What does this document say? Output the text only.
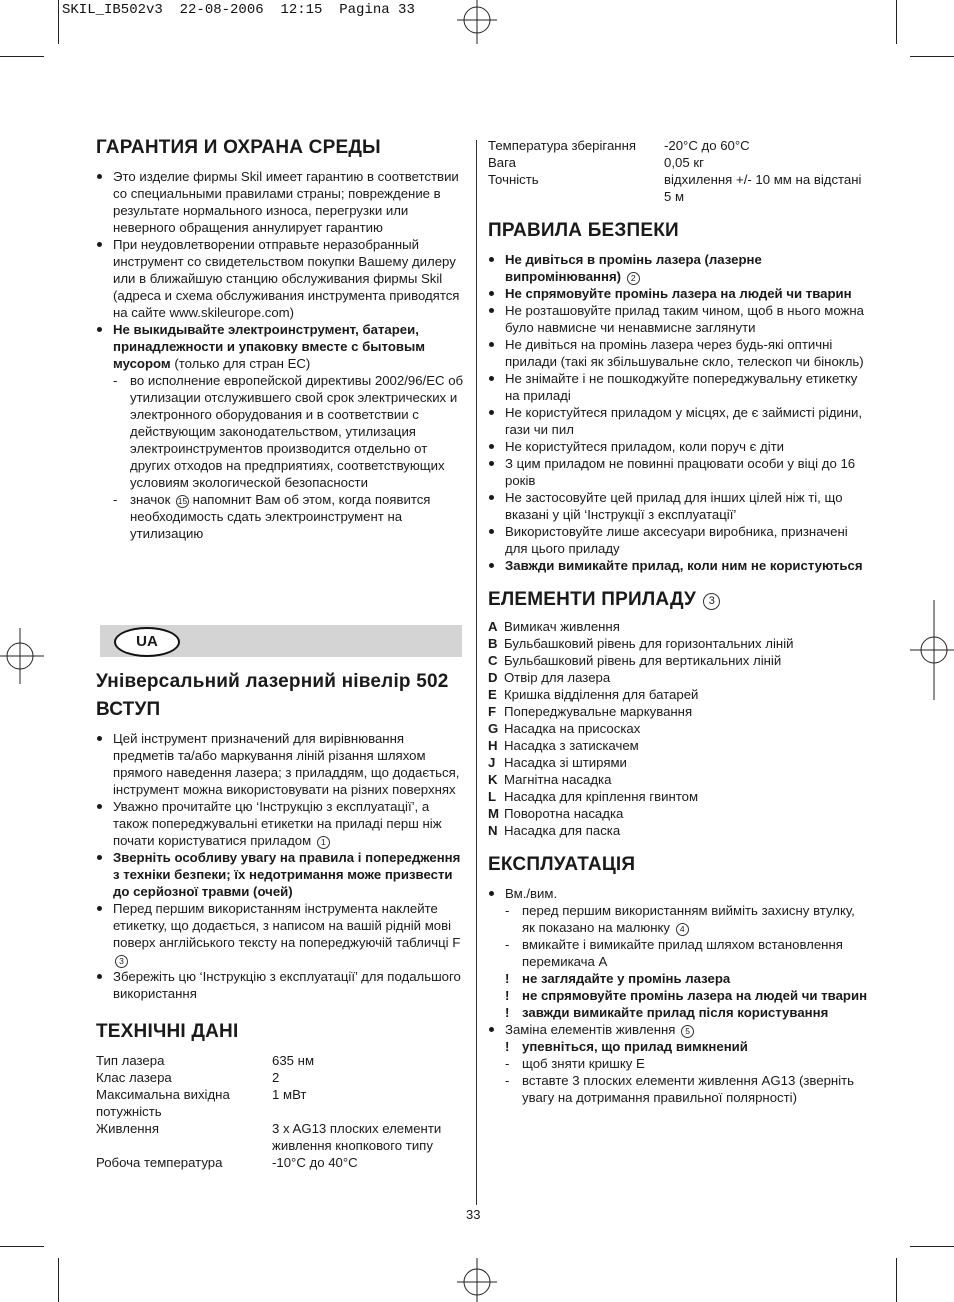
SKIL_IB502v3  22-08-2006  12:15  Pagina 33
ГАРАНТИЯ И ОХРАНА СРЕДЫ
Это изделие фирмы Skil имеет гарантию в соответствии со специальными правилами страны; повреждение в результате нормального износа, перегрузки или неверного обращения аннулирует гарантию
При неудовлетворении отправьте неразобранный инструмент со свидетельством покупки Вашему дилеру или в ближайшую станцию обслуживания фирмы Skil (адреса и схема обслуживания инструмента приводятся на сайте www.skileurope.com)
Не выкидывайте электроинструмент, батареи, принадлежности и упаковку вместе с бытовым мусором (только для стран ЕС)
- во исполнение европейской директивы 2002/96/ЕС об утилизации отслужившего свой срок электрических и электронного оборудования и в соответствии с действующим законодательством, утилизация электроинструментов производится отдельно от других отходов на предприятиях, соответствующих условиям экологической безопасности
- значок 15 напомнит Вам об этом, когда появится необходимость сдать электроинструмент на утилизацию
UA
Універсальний лазерний нівелір 502
ВСТУП
Цей інструмент призначений для вирівнювання предметів та/або маркування ліній різання шляхом прямого наведення лазера; з приладдям, що додається, інструмент можна використовувати на різних поверхнях
Уважно прочитайте цю ‘Інструкцію з експлуатації’, а також попереджувальні етикетки на приладі перш ніж почати користуватися приладом 1
Зверніть особливу увагу на правила і попередження з техніки безпеки; їх недотримання може призвести до серйозної травми (очей)
Перед першим використанням інструмента наклейте етикетку, що додається, з написом на вашій рідній мові поверх англійського тексту на попереджуючій табличці F 3
Збережіть цю ‘Інструкцію з експлуатації’ для подальшого використання
ТЕХНІЧНІ ДАНІ
Тип лазера	635 нм
Клас лазера	2
Максимальна вихідна потужність	1 мВт
Живлення	3 x AG13 плоских елементи живлення кнопкового типу
Робоча температура	-10°C до 40°C
Температура зберігання	-20°C до 60°C
Вага	0,05 кг
Точність	відхилення +/- 10 мм на відстані 5 м
ПРАВИЛА БЕЗПЕКИ
Не дивіться в промінь лазера (лазерне випромінювання) 2
Не спрямовуйте промінь лазера на людей чи тварин
Не розташовуйте прилад таким чином, щоб в нього можна було навмисне чи ненавмисне заглянути
Не дивіться на промінь лазера через будь-які оптичні прилади (такі як збільшувальне скло, телескоп чи бінокль)
Не знімайте і не пошкоджуйте попереджувальну етикетку на приладі
Не користуйтеся приладом у місцях, де є займисті рідини, гази чи пил
Не користуйтеся приладом, коли поруч є діти
З цим приладом не повинні працювати особи у віці до 16 років
Не застосовуйте цей прилад для інших цілей ніж ті, що вказані у цій ‘Інструкції з експлуатації’
Використовуйте лише аксесуари виробника, призначені для цього приладу
Завжди вимикайте прилад, коли ним не користуються
ЕЛЕМЕНТИ ПРИЛАДУ 3
A Вимикач живлення
B Бульбашковий рівень для горизонтальних ліній
C Бульбашковий рівень для вертикальних ліній
D Отвір для лазера
E Кришка відділення для батарей
F Попереджувальне маркування
G Насадка на присосках
H Насадка з затискачем
J Насадка зі штирями
K Магнітна насадка
L Насадка для кріплення гвинтом
M Поворотна насадка
N Насадка для паска
ЕКСПЛУАТАЦІЯ
Вм./вим.
- перед першим використанням вийміть захисну втулку, як показано на малюнку 4
- вмикайте і вимикайте прилад шляхом встановлення перемикача A
! не заглядайте у промінь лазера
! не спрямовуйте промінь лазера на людей чи тварин
! завжди вимикайте прилад після користування
Заміна елементів живлення 5
! упевніться, що прилад вимкнений
- щоб зняти кришку E
- вставте 3 плоских елементи живлення AG13 (зверніть увагу на дотримання правильної полярності)
33
